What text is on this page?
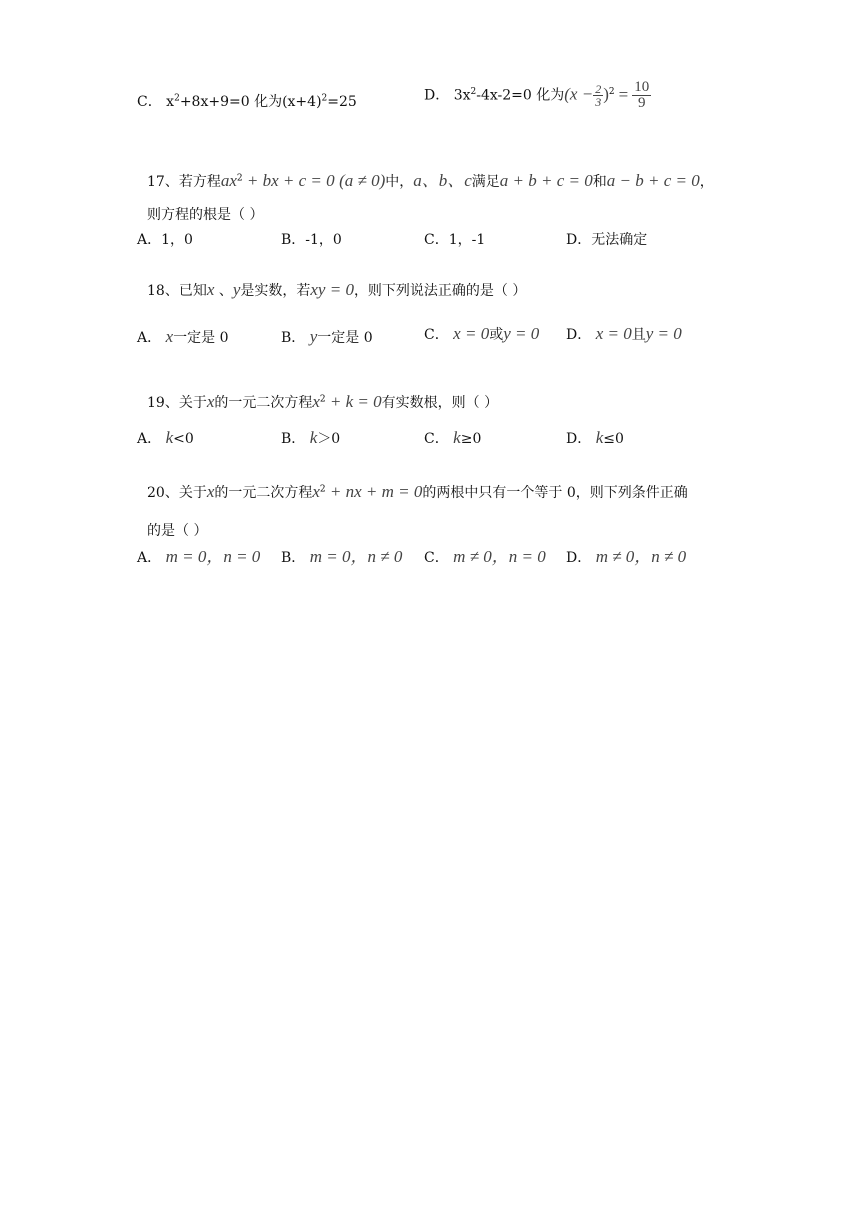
C． $x^2+8x+9=0$ 化为$(x+4)^2=25$	D． $3x^2-4x-2=0$ 化为$(x - \frac{2}{3} )^2 = \frac{10}{9}$
17、若方程$ax^2$ + bx + c = 0 (a ≠ 0)中，a、b、c满足a + b + c = 0和a − b + c = 0，
则方程的根是（ ）
A．1，0	B．-1，0	C．1，-1	D．无法确定
18、已知x 、y是实数，若xy = 0，则下列说法正确的是（ ）
A． x一定是 0	B． y一定是 0	C． x = 0或y = 0 D． x = 0且y = 0
19、关于x的一元二次方程$x^2 + k = 0$有实数根，则（ ）
A． k<0	B． k＞0	C． k≥0	D． k≤0
20、关于x的一元二次方程$x^2$ + nx + m = 0的两根中只有一个等于 0，则下列条件正确
的是（ ）
A． m = 0，n = 0 B． m = 0，n ≠ 0 C． m ≠ 0，n = 0 D． m ≠ 0，n ≠ 0
